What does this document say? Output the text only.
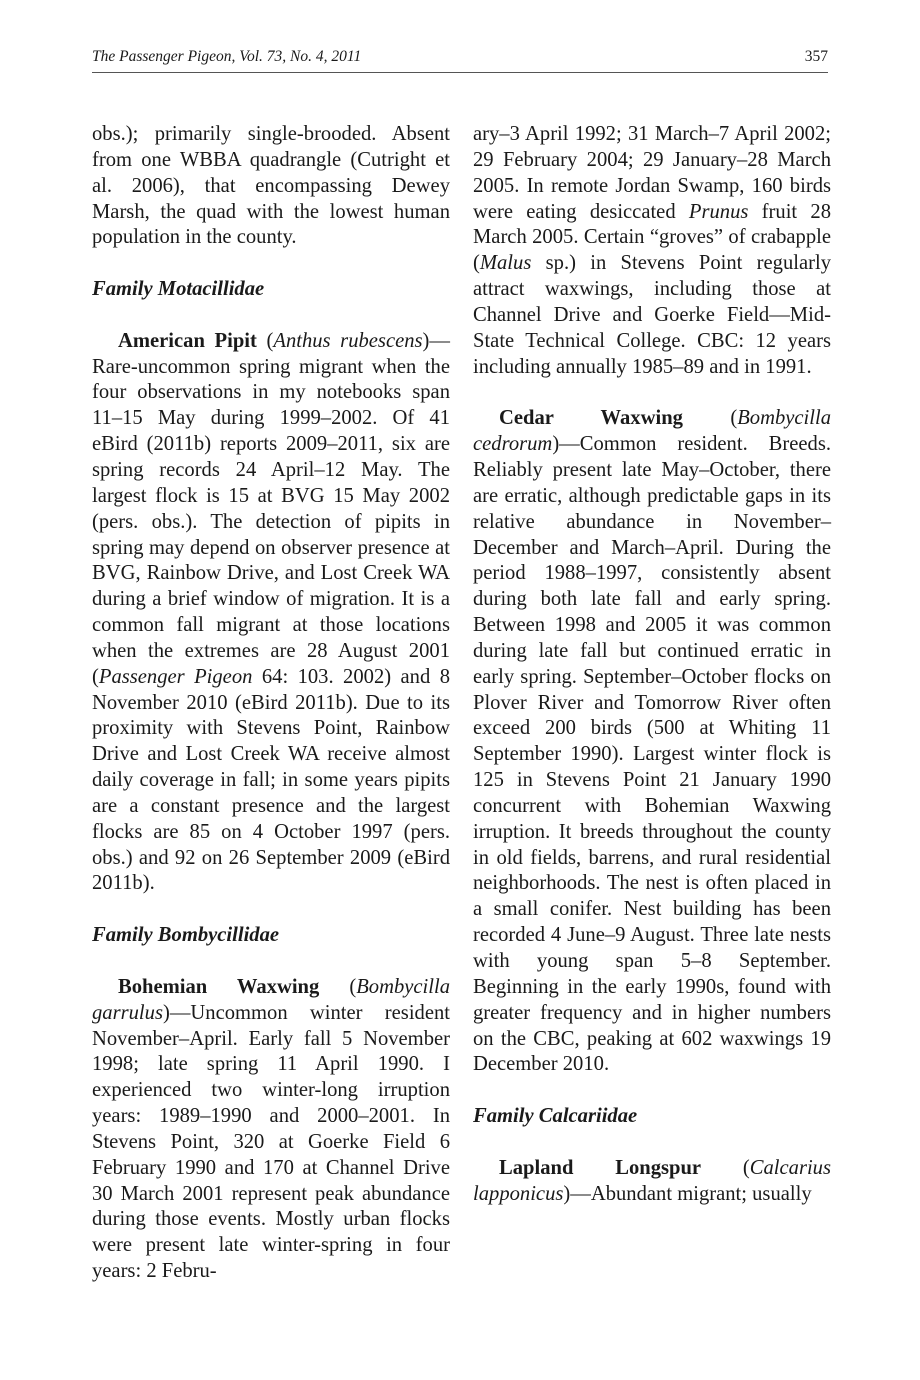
The Passenger Pigeon, Vol. 73, No. 4, 2011	357

obs.); primarily single-brooded. Absent from one WBBA quadrangle (Cutright et al. 2006), that encompassing Dewey Marsh, the quad with the lowest human population in the county.

Family Motacillidae

American Pipit (Anthus rubescens)—Rare-uncommon spring migrant when the four observations in my notebooks span 11–15 May during 1999–2002. Of 41 eBird (2011b) reports 2009–2011, six are spring records 24 April–12 May. The largest flock is 15 at BVG 15 May 2002 (pers. obs.). The detection of pipits in spring may depend on observer presence at BVG, Rainbow Drive, and Lost Creek WA during a brief window of migration. It is a common fall migrant at those locations when the extremes are 28 August 2001 (Passenger Pigeon 64: 103. 2002) and 8 November 2010 (eBird 2011b). Due to its proximity with Stevens Point, Rainbow Drive and Lost Creek WA receive almost daily coverage in fall; in some years pipits are a constant presence and the largest flocks are 85 on 4 October 1997 (pers. obs.) and 92 on 26 September 2009 (eBird 2011b).

Family Bombycillidae

Bohemian Waxwing (Bombycilla garrulus)—Uncommon winter resident November–April. Early fall 5 November 1998; late spring 11 April 1990. I experienced two winter-long irruption years: 1989–1990 and 2000–2001. In Stevens Point, 320 at Goerke Field 6 February 1990 and 170 at Channel Drive 30 March 2001 represent peak abundance during those events. Mostly urban flocks were present late winter-spring in four years: 2 Febru-

ary–3 April 1992; 31 March–7 April 2002; 29 February 2004; 29 January–28 March 2005. In remote Jordan Swamp, 160 birds were eating desiccated Prunus fruit 28 March 2005. Certain “groves” of crabapple (Malus sp.) in Stevens Point regularly attract waxwings, including those at Channel Drive and Goerke Field—Mid-State Technical College. CBC: 12 years including annually 1985–89 and in 1991.

Cedar Waxwing (Bombycilla cedrorum)—Common resident. Breeds. Reliably present late May–October, there are erratic, although predictable gaps in its relative abundance in November–December and March–April. During the period 1988–1997, consistently absent during both late fall and early spring. Between 1998 and 2005 it was common during late fall but continued erratic in early spring. September–October flocks on Plover River and Tomorrow River often exceed 200 birds (500 at Whiting 11 September 1990). Largest winter flock is 125 in Stevens Point 21 January 1990 concurrent with Bohemian Waxwing irruption. It breeds throughout the county in old fields, barrens, and rural residential neighborhoods. The nest is often placed in a small conifer. Nest building has been recorded 4 June–9 August. Three late nests with young span 5–8 September. Beginning in the early 1990s, found with greater frequency and in higher numbers on the CBC, peaking at 602 waxwings 19 December 2010.

Family Calcariidae

Lapland Longspur (Calcarius lapponicus)—Abundant migrant; usually
